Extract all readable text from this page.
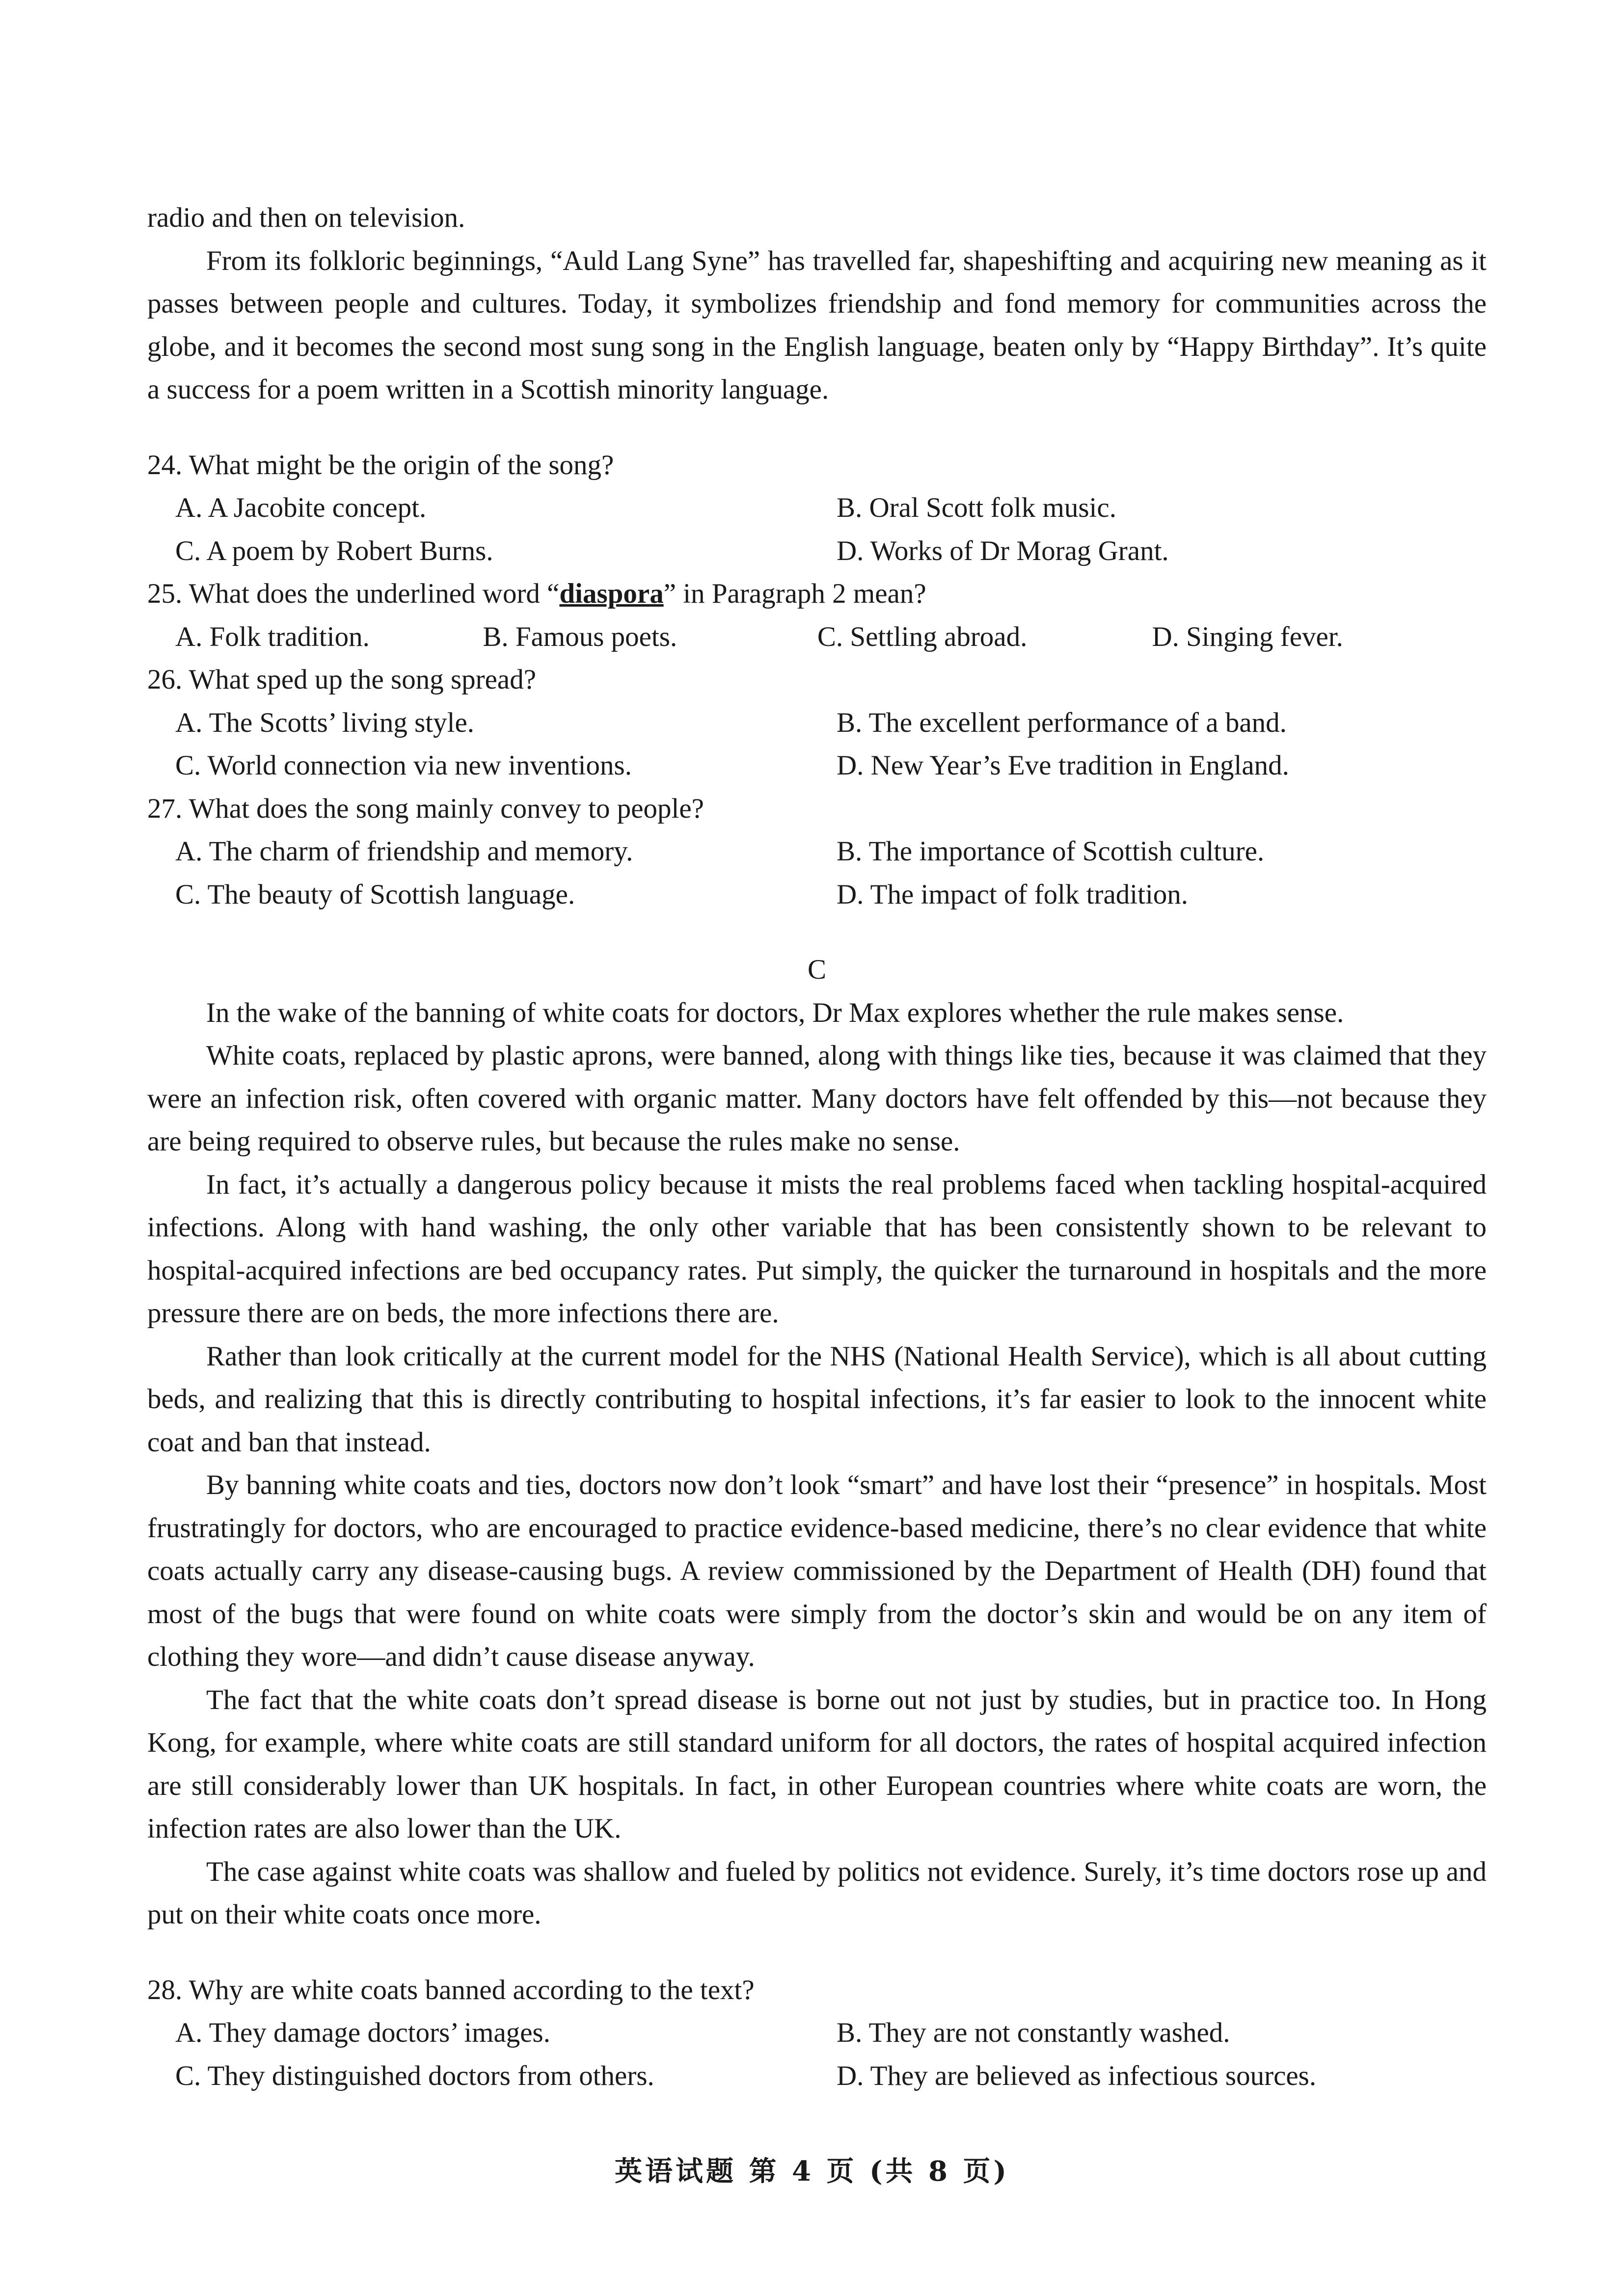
radio and then on television.

From its folkloric beginnings, “Auld Lang Syne” has travelled far, shapeshifting and acquiring new meaning as it passes between people and cultures. Today, it symbolizes friendship and fond memory for communities across the globe, and it becomes the second most sung song in the English language, beaten only by “Happy Birthday”. It’s quite a success for a poem written in a Scottish minority language.

24. What might be the origin of the song?

A. A Jacobite concept.	B. Oral Scott folk music.
C. A poem by Robert Burns.	D. Works of Dr Morag Grant.

25. What does the underlined word “diaspora” in Paragraph 2 mean?

A. Folk tradition.	B. Famous poets.	C. Settling abroad.	D. Singing fever.

26. What sped up the song spread?

A. The Scotts’ living style.	B. The excellent performance of a band.
C. World connection via new inventions.	D. New Year’s Eve tradition in England.

27. What does the song mainly convey to people?

A. The charm of friendship and memory.	B. The importance of Scottish culture.
C. The beauty of Scottish language.	D. The impact of folk tradition.

C

In the wake of the banning of white coats for doctors, Dr Max explores whether the rule makes sense.

White coats, replaced by plastic aprons, were banned, along with things like ties, because it was claimed that they were an infection risk, often covered with organic matter. Many doctors have felt offended by this—not because they are being required to observe rules, but because the rules make no sense.

In fact, it’s actually a dangerous policy because it mists the real problems faced when tackling hospital-acquired infections. Along with hand washing, the only other variable that has been consistently shown to be relevant to hospital-acquired infections are bed occupancy rates. Put simply, the quicker the turnaround in hospitals and the more pressure there are on beds, the more infections there are.

Rather than look critically at the current model for the NHS (National Health Service), which is all about cutting beds, and realizing that this is directly contributing to hospital infections, it’s far easier to look to the innocent white coat and ban that instead.

By banning white coats and ties, doctors now don’t look “smart” and have lost their “presence” in hospitals. Most frustratingly for doctors, who are encouraged to practice evidence-based medicine, there’s no clear evidence that white coats actually carry any disease-causing bugs. A review commissioned by the Department of Health (DH) found that most of the bugs that were found on white coats were simply from the doctor’s skin and would be on any item of clothing they wore—and didn’t cause disease anyway.

The fact that the white coats don’t spread disease is borne out not just by studies, but in practice too. In Hong Kong, for example, where white coats are still standard uniform for all doctors, the rates of hospital acquired infection are still considerably lower than UK hospitals. In fact, in other European countries where white coats are worn, the infection rates are also lower than the UK.

The case against white coats was shallow and fueled by politics not evidence. Surely, it’s time doctors rose up and put on their white coats once more.

28. Why are white coats banned according to the text?

A. They damage doctors’ images.	B. They are not constantly washed.
C. They distinguished doctors from others.	D. They are believed as infectious sources.
英语试题 第 4 页 (共 8 页)
